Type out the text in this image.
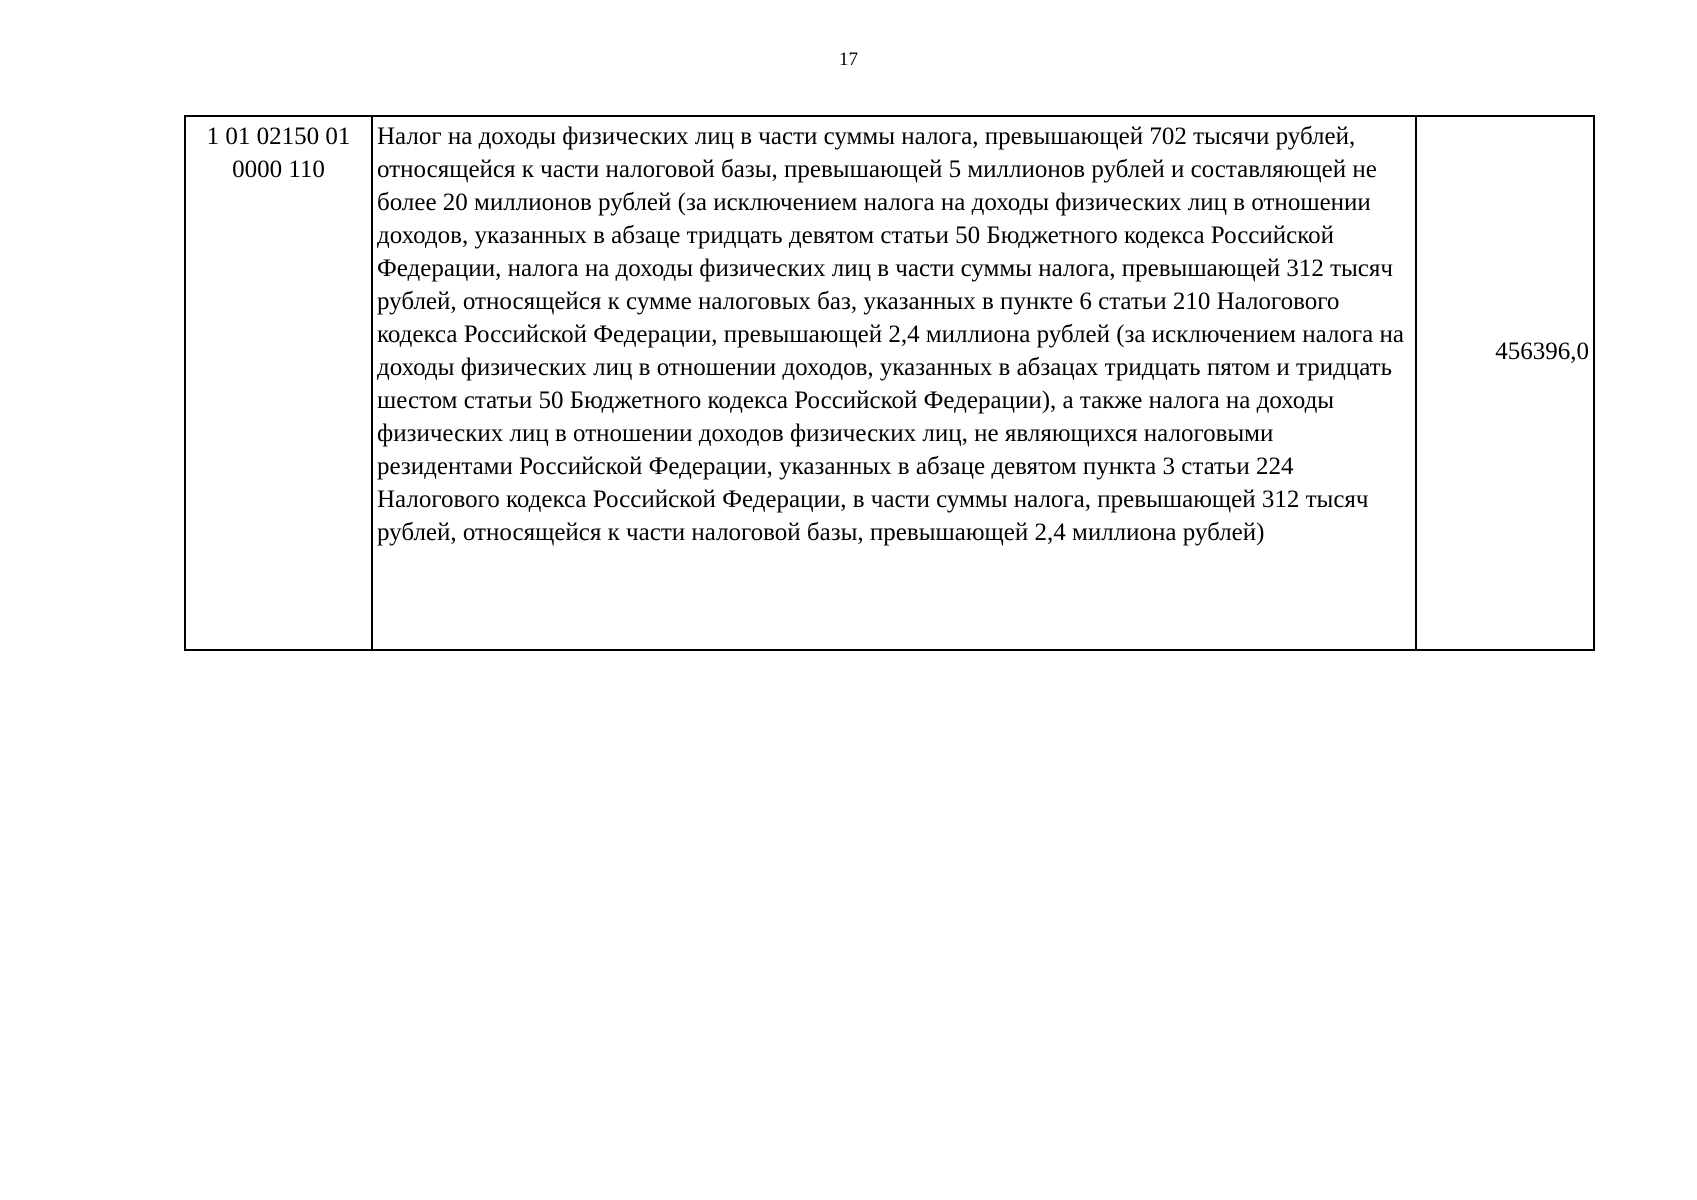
17
1 01 02150 01 0000 110	Налог на доходы физических лиц в части суммы налога, превышающей 702 тысячи рублей, относящейся к части налоговой базы, превышающей 5 миллионов рублей и составляющей не более 20 миллионов рублей (за исключением налога на доходы физических лиц в отношении доходов, указанных в абзаце тридцать девятом статьи 50 Бюджетного кодекса Российской Федерации, налога на доходы физических лиц в части суммы налога, превышающей 312 тысяч рублей, относящейся к сумме налоговых баз, указанных в пункте 6 статьи 210 Налогового кодекса Российской Федерации, превышающей 2,4 миллиона рублей (за исключением налога на доходы физических лиц в отношении доходов, указанных в абзацах тридцать пятом и тридцать шестом статьи 50 Бюджетного кодекса Российской Федерации), а также налога на доходы физических лиц в отношении доходов физических лиц, не являющихся налоговыми резидентами Российской Федерации, указанных в абзаце девятом пункта 3 статьи 224 Налогового кодекса Российской Федерации, в части суммы налога, превышающей 312 тысяч рублей, относящейся к части налоговой базы, превышающей 2,4 миллиона рублей)	456396,0
